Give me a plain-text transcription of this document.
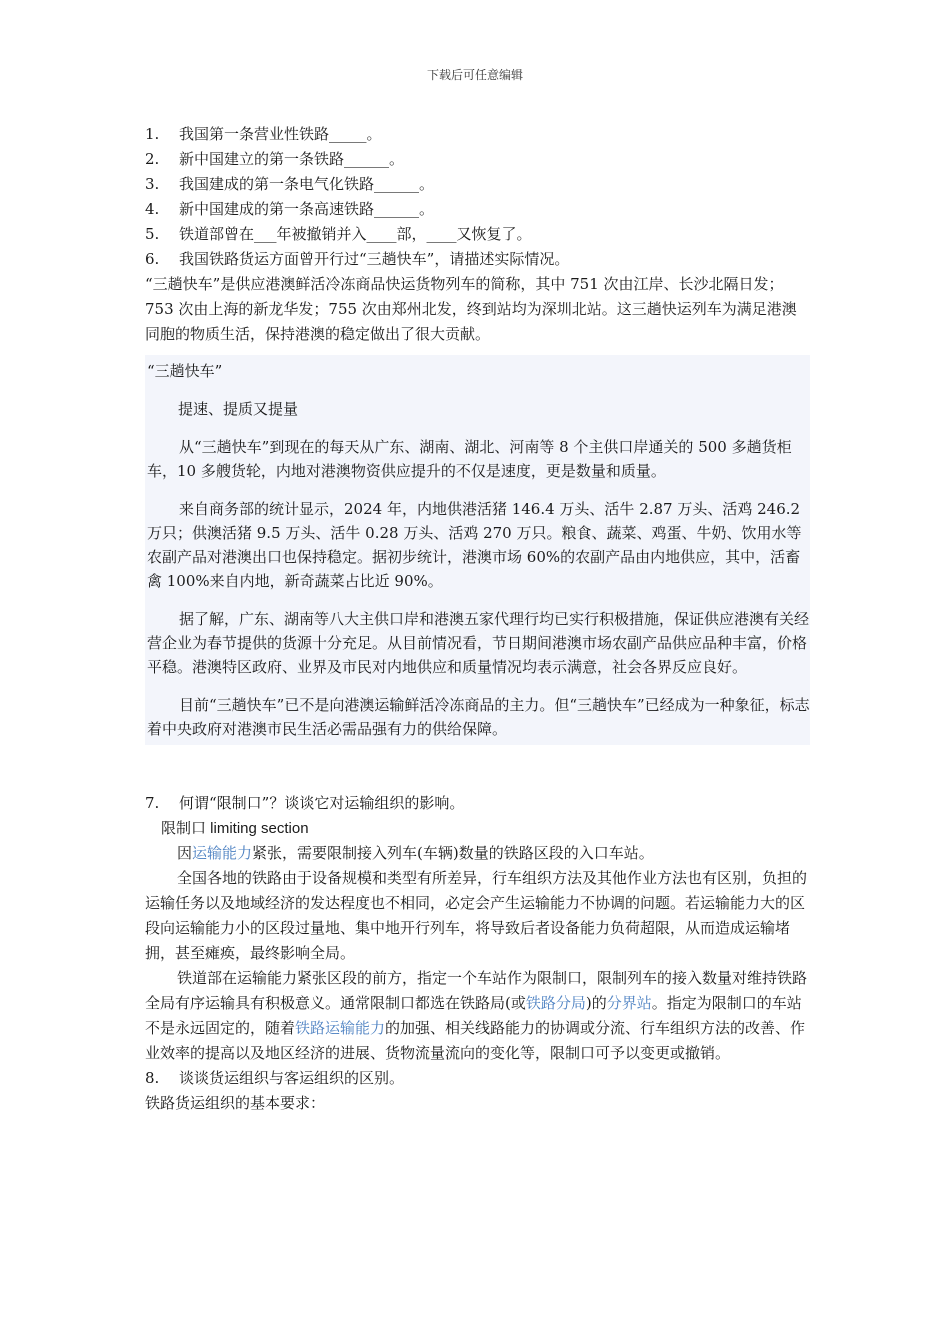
下载后可任意编辑
1. 我国第一条营业性铁路_____。
2. 新中国建立的第一条铁路______。
3. 我国建成的第一条电气化铁路______。
4. 新中国建成的第一条高速铁路______。
5. 铁道部曾在___年被撤销并入____部，____又恢复了。
6. 我国铁路货运方面曾开行过“三趟快车”，请描述实际情况。
“三趟快车”是供应港澳鲜活冷冻商品快运货物列车的简称，其中 751 次由江岸、长沙北隔日发；753 次由上海的新龙华发；755 次由郑州北发，终到站均为深圳北站。这三趟快运列车为满足港澳同胞的物质生活，保持港澳的稳定做出了很大贡献。
“三趟快车”
提速、提质又提量
从“三趟快车”到现在的每天从广东、湖南、湖北、河南等 8 个主供口岸通关的 500 多趟货柜车，10 多艘货轮，内地对港澳物资供应提升的不仅是速度，更是数量和质量。
来自商务部的统计显示，2024 年，内地供港活猪 146.4 万头、活牛 2.87 万头、活鸡 246.2 万只；供澳活猪 9.5 万头、活牛 0.28 万头、活鸡 270 万只。粮食、蔬菜、鸡蛋、牛奶、饮用水等农副产品对港澳出口也保持稳定。据初步统计，港澳市场 60%的农副产品由内地供应，其中，活畜禽 100%来自内地，新奇蔬菜占比近 90%。
据了解，广东、湖南等八大主供口岸和港澳五家代理行均已实行积极措施，保证供应港澳有关经营企业为春节提供的货源十分充足。从目前情况看，节日期间港澳市场农副产品供应品种丰富，价格平稳。港澳特区政府、业界及市民对内地供应和质量情况均表示满意，社会各界反应良好。
目前“三趟快车”已不是向港澳运输鲜活冷冻商品的主力。但“三趟快车”已经成为一种象征，标志着中央政府对港澳市民生活必需品强有力的供给保障。
7. 何谓“限制口”？谈谈它对运输组织的影响。
限制口 limiting section
因运输能力紧张，需要限制接入列车(车辆)数量的铁路区段的入口车站。
全国各地的铁路由于设备规模和类型有所差异，行车组织方法及其他作业方法也有区别，负担的运输任务以及地域经济的发达程度也不相同，必定会产生运输能力不协调的问题。若运输能力大的区段向运输能力小的区段过量地、集中地开行列车，将导致后者设备能力负荷超限，从而造成运输堵拥，甚至瘫痪，最终影响全局。
铁道部在运输能力紧张区段的前方，指定一个车站作为限制口，限制列车的接入数量对维持铁路全局有序运输具有积极意义。通常限制口都选在铁路局(或铁路分局)的分界站。指定为限制口的车站不是永远固定的，随着铁路运输能力的加强、相关线路能力的协调或分流、行车组织方法的改善、作业效率的提高以及地区经济的进展、货物流量流向的变化等，限制口可予以变更或撤销。
8. 谈谈货运组织与客运组织的区别。
铁路货运组织的基本要求：
